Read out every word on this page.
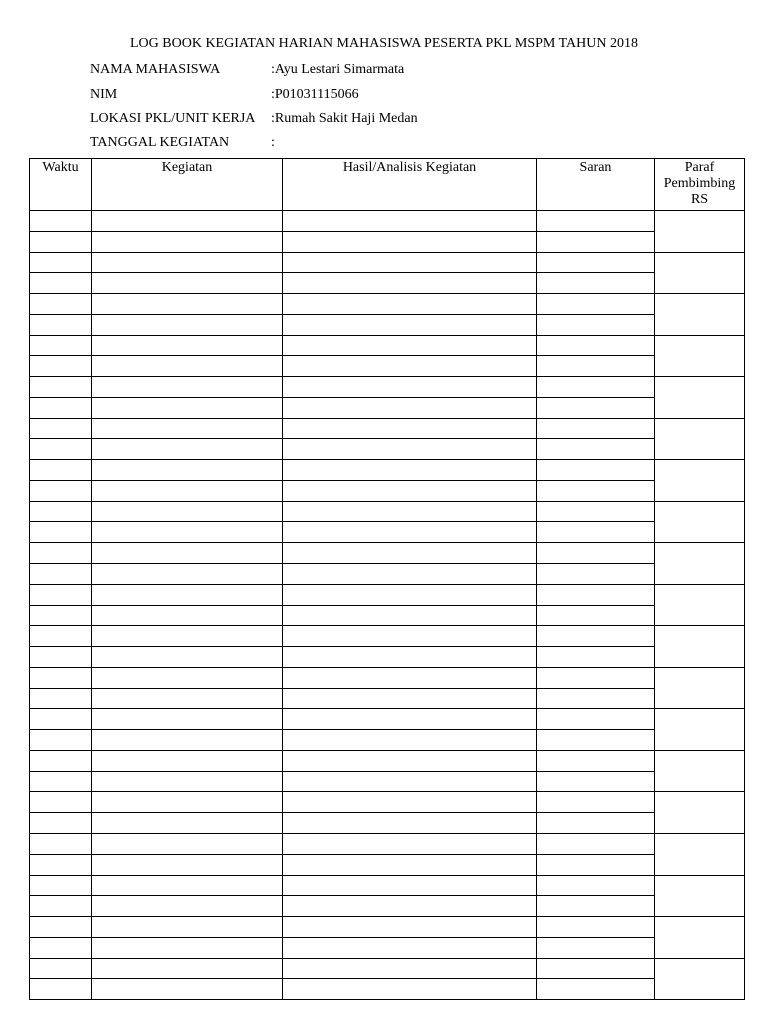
LOG BOOK KEGIATAN HARIAN MAHASISWA PESERTA PKL MSPM TAHUN 2018
NAMA MAHASISWA	:Ayu Lestari Simarmata
NIM	:P01031115066
LOKASI PKL/UNIT KERJA :Rumah Sakit Haji Medan
TANGGAL KEGIATAN	:
Waktu	Kegiatan	Hasil/Analisis Kegiatan	Saran	Paraf
Pembimbing
RS
